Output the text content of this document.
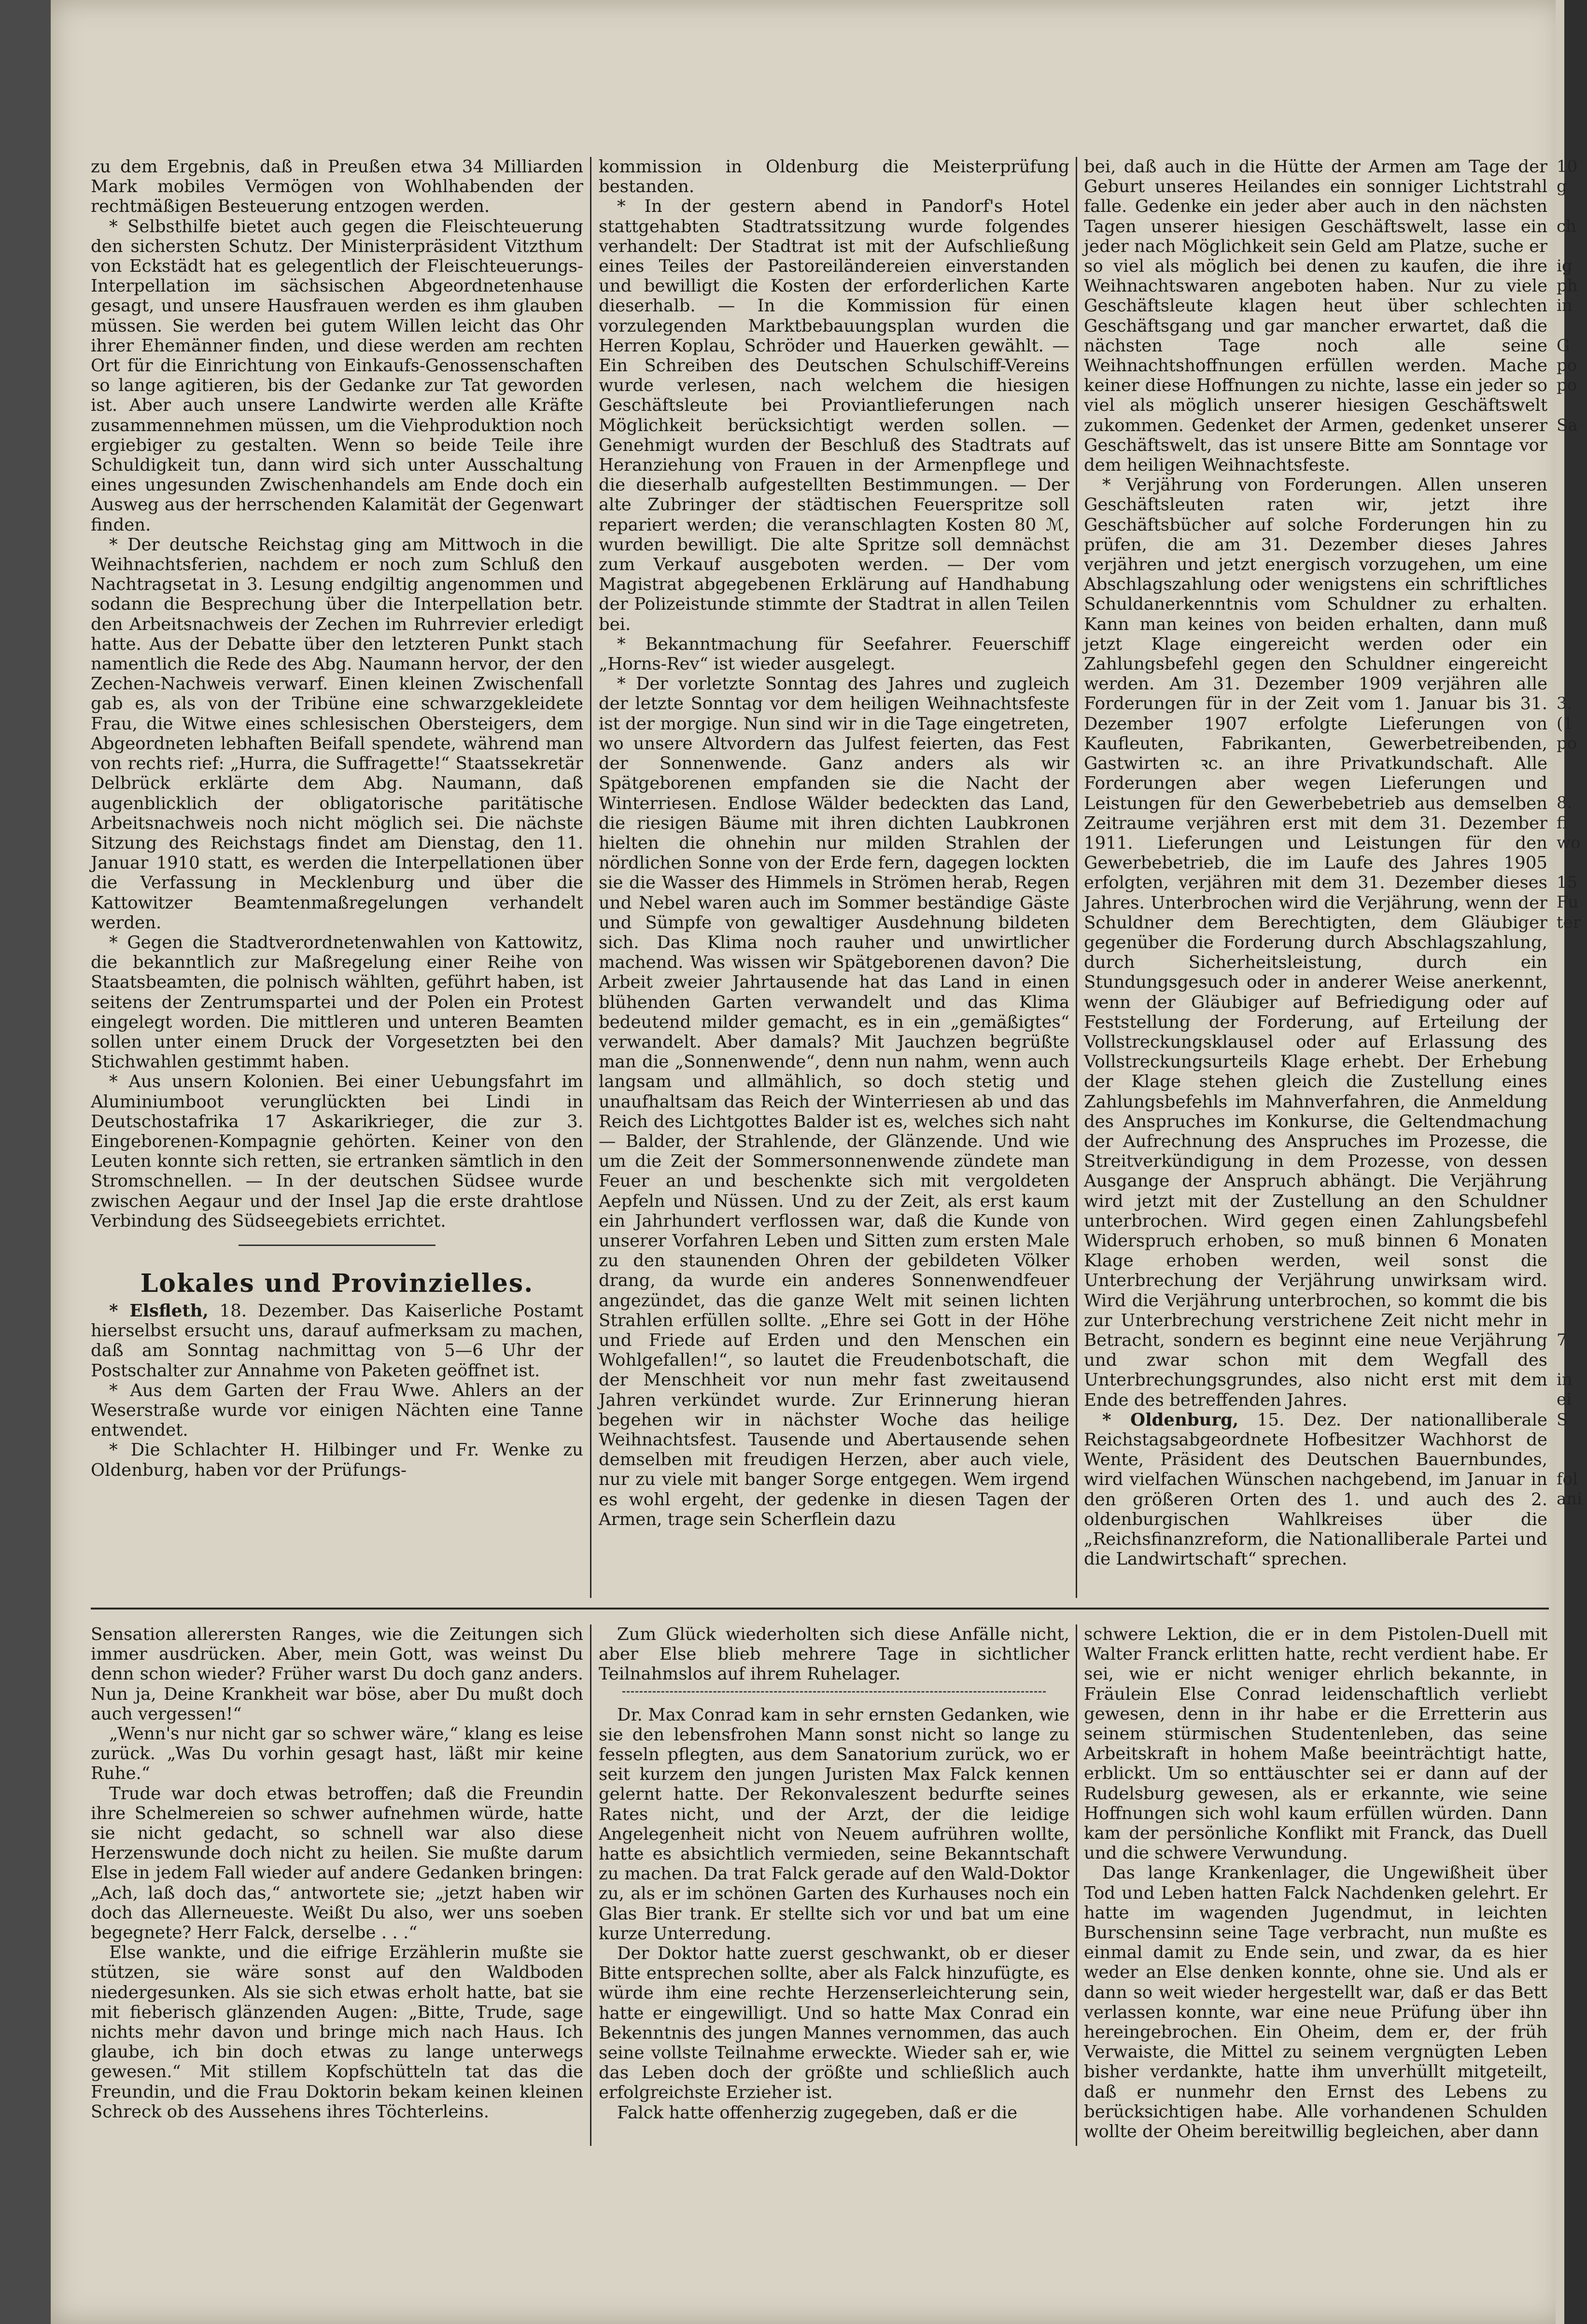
zu dem Ergebnis, daß in Preußen etwa 34 Milliarden Mark mobiles Vermögen von Wohlhabenden der rechtmäßigen Besteuerung entzogen werden.

* Selbsthilfe bietet auch gegen die Fleischteuerung den sichersten Schutz. Der Ministerpräsident Vitzthum von Eckstädt hat es gelegentlich der Fleischteuerungs-Interpellation im sächsischen Abgeordnetenhause gesagt, und unsere Hausfrauen werden es ihm glauben müssen. Sie werden bei gutem Willen leicht das Ohr ihrer Ehemänner finden, und diese werden am rechten Ort für die Einrichtung von Einkaufs-Genossenschaften so lange agitieren, bis der Gedanke zur Tat geworden ist. Aber auch unsere Landwirte werden alle Kräfte zusammennehmen müssen, um die Viehproduktion noch ergiebiger zu gestalten. Wenn so beide Teile ihre Schuldigkeit tun, dann wird sich unter Ausschaltung eines ungesunden Zwischenhandels am Ende doch ein Ausweg aus der herrschenden Kalamität der Gegenwart finden.

* Der deutsche Reichstag ging am Mittwoch in die Weihnachtsferien, nachdem er noch zum Schluß den Nachtragsetat in 3. Lesung endgiltig angenommen und sodann die Besprechung über die Interpellation betr. den Arbeitsnachweis der Zechen im Ruhrrevier erledigt hatte. Aus der Debatte über den letzteren Punkt stach namentlich die Rede des Abg. Naumann hervor, der den Zechen-Nachweis verwarf. Einen kleinen Zwischenfall gab es, als von der Tribüne eine schwarzgekleidete Frau, die Witwe eines schlesischen Obersteigers, dem Abgeordneten lebhaften Beifall spendete, während man von rechts rief: „Hurra, die Suffragette!“ Staatssekretär Delbrück erklärte dem Abg. Naumann, daß augenblicklich der obligatorische paritätische Arbeitsnachweis noch nicht möglich sei. Die nächste Sitzung des Reichstags findet am Dienstag, den 11. Januar 1910 statt, es werden die Interpellationen über die Verfassung in Mecklenburg und über die Kattowitzer Beamtenmaßregelungen verhandelt werden.

* Gegen die Stadtverordnetenwahlen von Kattowitz, die bekanntlich zur Maßregelung einer Reihe von Staatsbeamten, die polnisch wählten, geführt haben, ist seitens der Zentrumspartei und der Polen ein Protest eingelegt worden. Die mittleren und unteren Beamten sollen unter einem Druck der Vorgesetzten bei den Stichwahlen gestimmt haben.

* Aus unsern Kolonien. Bei einer Uebungsfahrt im Aluminiumboot verunglückten bei Lindi in Deutschostafrika 17 Askarikrieger, die zur 3. Eingeborenen-Kompagnie gehörten. Keiner von den Leuten konnte sich retten, sie ertranken sämtlich in den Stromschnellen. — In der deutschen Südsee wurde zwischen Aegaur und der Insel Jap die erste drahtlose Verbindung des Südseegebiets errichtet.

Lokales und Provinzielles.

* Elsfleth, 18. Dezember. Das Kaiserliche Postamt hierselbst ersucht uns, darauf aufmerksam zu machen, daß am Sonntag nachmittag von 5—6 Uhr der Postschalter zur Annahme von Paketen geöffnet ist.

* Aus dem Garten der Frau Wwe. Ahlers an der Weserstraße wurde vor einigen Nächten eine Tanne entwendet.

* Die Schlachter H. Hilbinger und Fr. Wenke zu Oldenburg, haben vor der Prüfungs-

kommission in Oldenburg die Meisterprüfung bestanden.

* In der gestern abend in Pandorf's Hotel stattgehabten Stadtratssitzung wurde folgendes verhandelt: Der Stadtrat ist mit der Aufschließung eines Teiles der Pastoreiländereien einverstanden und bewilligt die Kosten der erforderlichen Karte dieserhalb. — In die Kommission für einen vorzulegenden Marktbebauungsplan wurden die Herren Koplau, Schröder und Hauerken gewählt. — Ein Schreiben des Deutschen Schulschiff-Vereins wurde verlesen, nach welchem die hiesigen Geschäftsleute bei Proviantlieferungen nach Möglichkeit berücksichtigt werden sollen. — Genehmigt wurden der Beschluß des Stadtrats auf Heranziehung von Frauen in der Armenpflege und die dieserhalb aufgestellten Bestimmungen. — Der alte Zubringer der städtischen Feuerspritze soll repariert werden; die veranschlagten Kosten 80 ℳ, wurden bewilligt. Die alte Spritze soll demnächst zum Verkauf ausgeboten werden. — Der vom Magistrat abgegebenen Erklärung auf Handhabung der Polizeistunde stimmte der Stadtrat in allen Teilen bei.

* Bekanntmachung für Seefahrer. Feuerschiff „Horns-Rev“ ist wieder ausgelegt.

* Der vorletzte Sonntag des Jahres und zugleich der letzte Sonntag vor dem heiligen Weihnachtsfeste ist der morgige. Nun sind wir in die Tage eingetreten, wo unsere Altvordern das Julfest feierten, das Fest der Sonnenwende. Ganz anders als wir Spätgeborenen empfanden sie die Nacht der Winterriesen. Endlose Wälder bedeckten das Land, die riesigen Bäume mit ihren dichten Laubkronen hielten die ohnehin nur milden Strahlen der nördlichen Sonne von der Erde fern, dagegen lockten sie die Wasser des Himmels in Strömen herab, Regen und Nebel waren auch im Sommer beständige Gäste und Sümpfe von gewaltiger Ausdehnung bildeten sich. Das Klima noch rauher und unwirtlicher machend. Was wissen wir Spätgeborenen davon? Die Arbeit zweier Jahrtausende hat das Land in einen blühenden Garten verwandelt und das Klima bedeutend milder gemacht, es in ein „gemäßigtes“ verwandelt. Aber damals? Mit Jauchzen begrüßte man die „Sonnenwende“, denn nun nahm, wenn auch langsam und allmählich, so doch stetig und unaufhaltsam das Reich der Winterriesen ab und das Reich des Lichtgottes Balder ist es, welches sich naht — Balder, der Strahlende, der Glänzende. Und wie um die Zeit der Sommersonnenwende zündete man Feuer an und beschenkte sich mit vergoldeten Aepfeln und Nüssen. Und zu der Zeit, als erst kaum ein Jahrhundert verflossen war, daß die Kunde von unserer Vorfahren Leben und Sitten zum ersten Male zu den staunenden Ohren der gebildeten Völker drang, da wurde ein anderes Sonnenwendfeuer angezündet, das die ganze Welt mit seinen lichten Strahlen erfüllen sollte. „Ehre sei Gott in der Höhe und Friede auf Erden und den Menschen ein Wohlgefallen!“, so lautet die Freudenbotschaft, die der Menschheit vor nun mehr fast zweitausend Jahren verkündet wurde. Zur Erinnerung hieran begehen wir in nächster Woche das heilige Weihnachtsfest. Tausende und Abertausende sehen demselben mit freudigen Herzen, aber auch viele, nur zu viele mit banger Sorge entgegen. Wem irgend es wohl ergeht, der gedenke in diesen Tagen der Armen, trage sein Scherflein dazu

bei, daß auch in die Hütte der Armen am Tage der Geburt unseres Heilandes ein sonniger Lichtstrahl falle. Gedenke ein jeder aber auch in den nächsten Tagen unserer hiesigen Geschäftswelt, lasse ein jeder nach Möglichkeit sein Geld am Platze, suche er so viel als möglich bei denen zu kaufen, die ihre Weihnachtswaren angeboten haben. Nur zu viele Geschäftsleute klagen heut über schlechten Geschäftsgang und gar mancher erwartet, daß die nächsten Tage noch alle seine Weihnachtshoffnungen erfüllen werden. Mache keiner diese Hoffnungen zu nichte, lasse ein jeder so viel als möglich unserer hiesigen Geschäftswelt zukommen. Gedenket der Armen, gedenket unserer Geschäftswelt, das ist unsere Bitte am Sonntage vor dem heiligen Weihnachtsfeste.

* Verjährung von Forderungen. Allen unseren Geschäftsleuten raten wir, jetzt ihre Geschäftsbücher auf solche Forderungen hin zu prüfen, die am 31. Dezember dieses Jahres verjähren und jetzt energisch vorzugehen, um eine Abschlagszahlung oder wenigstens ein schriftliches Schuldanerkenntnis vom Schuldner zu erhalten. Kann man keines von beiden erhalten, dann muß jetzt Klage eingereicht werden oder ein Zahlungsbefehl gegen den Schuldner eingereicht werden. Am 31. Dezember 1909 verjähren alle Forderungen für in der Zeit vom 1. Januar bis 31. Dezember 1907 erfolgte Lieferungen von Kaufleuten, Fabrikanten, Gewerbetreibenden, Gastwirten ꝛc. an ihre Privatkundschaft. Alle Forderungen aber wegen Lieferungen und Leistungen für den Gewerbebetrieb aus demselben Zeitraume verjähren erst mit dem 31. Dezember 1911. Lieferungen und Leistungen für den Gewerbebetrieb, die im Laufe des Jahres 1905 erfolgten, verjähren mit dem 31. Dezember dieses Jahres. Unterbrochen wird die Verjährung, wenn der Schuldner dem Berechtigten, dem Gläubiger gegenüber die Forderung durch Abschlagszahlung, durch Sicherheitsleistung, durch ein Stundungsgesuch oder in anderer Weise anerkennt, wenn der Gläubiger auf Befriedigung oder auf Feststellung der Forderung, auf Erteilung der Vollstreckungsklausel oder auf Erlassung des Vollstreckungsurteils Klage erhebt. Der Erhebung der Klage stehen gleich die Zustellung eines Zahlungsbefehls im Mahnverfahren, die Anmeldung des Anspruches im Konkurse, die Geltendmachung der Aufrechnung des Anspruches im Prozesse, die Streitverkündigung in dem Prozesse, von dessen Ausgange der Anspruch abhängt. Die Verjährung wird jetzt mit der Zustellung an den Schuldner unterbrochen. Wird gegen einen Zahlungsbefehl Widerspruch erhoben, so muß binnen 6 Monaten Klage erhoben werden, weil sonst die Unterbrechung der Verjährung unwirksam wird. Wird die Verjährung unterbrochen, so kommt die bis zur Unterbrechung verstrichene Zeit nicht mehr in Betracht, sondern es beginnt eine neue Verjährung und zwar schon mit dem Wegfall des Unterbrechungsgrundes, also nicht erst mit dem Ende des betreffenden Jahres.

* Oldenburg, 15. Dez. Der nationalliberale Reichstagsabgeordnete Hofbesitzer Wachhorst de Wente, Präsident des Deutschen Bauernbundes, wird vielfachen Wünschen nachgebend, im Januar in den größeren Orten des 1. und auch des 2. oldenburgischen Wahlkreises über die „Reichsfinanzreform, die Nationalliberale Partei und die Landwirtschaft“ sprechen.

Sensation allerersten Ranges, wie die Zeitungen sich immer ausdrücken. Aber, mein Gott, was weinst Du denn schon wieder? Früher warst Du doch ganz anders. Nun ja, Deine Krankheit war böse, aber Du mußt doch auch vergessen!“

„Wenn's nur nicht gar so schwer wäre,“ klang es leise zurück. „Was Du vorhin gesagt hast, läßt mir keine Ruhe.“

Trude war doch etwas betroffen; daß die Freundin ihre Schelmereien so schwer aufnehmen würde, hatte sie nicht gedacht, so schnell war also diese Herzenswunde doch nicht zu heilen. Sie mußte darum Else in jedem Fall wieder auf andere Gedanken bringen: „Ach, laß doch das,“ antwortete sie; „jetzt haben wir doch das Allerneueste. Weißt Du also, wer uns soeben begegnete? Herr Falck, derselbe . . .“

Else wankte, und die eifrige Erzählerin mußte sie stützen, sie wäre sonst auf den Waldboden niedergesunken. Als sie sich etwas erholt hatte, bat sie mit fieberisch glänzenden Augen: „Bitte, Trude, sage nichts mehr davon und bringe mich nach Haus. Ich glaube, ich bin doch etwas zu lange unterwegs gewesen.“ Mit stillem Kopfschütteln tat das die Freundin, und die Frau Doktorin bekam keinen kleinen Schreck ob des Aussehens ihres Töchterleins.

Zum Glück wiederholten sich diese Anfälle nicht, aber Else blieb mehrere Tage in sichtlicher Teilnahmslos auf ihrem Ruhelager.

Dr. Max Conrad kam in sehr ernsten Gedanken, wie sie den lebensfrohen Mann sonst nicht so lange zu fesseln pflegten, aus dem Sanatorium zurück, wo er seit kurzem den jungen Juristen Max Falck kennen gelernt hatte. Der Rekonvaleszent bedurfte seines Rates nicht, und der Arzt, der die leidige Angelegenheit nicht von Neuem aufrühren wollte, hatte es absichtlich vermieden, seine Bekanntschaft zu machen. Da trat Falck gerade auf den Wald-Doktor zu, als er im schönen Garten des Kurhauses noch ein Glas Bier trank. Er stellte sich vor und bat um eine kurze Unterredung.

Der Doktor hatte zuerst geschwankt, ob er dieser Bitte entsprechen sollte, aber als Falck hinzufügte, es würde ihm eine rechte Herzenserleichterung sein, hatte er eingewilligt. Und so hatte Max Conrad ein Bekenntnis des jungen Mannes vernommen, das auch seine vollste Teilnahme erweckte. Wieder sah er, wie das Leben doch der größte und schließlich auch erfolgreichste Erzieher ist.

Falck hatte offenherzig zugegeben, daß er die

schwere Lektion, die er in dem Pistolen-Duell mit Walter Franck erlitten hatte, recht verdient habe. Er sei, wie er nicht weniger ehrlich bekannte, in Fräulein Else Conrad leidenschaftlich verliebt gewesen, denn in ihr habe er die Erretterin aus seinem stürmischen Studentenleben, das seine Arbeitskraft in hohem Maße beeinträchtigt hatte, erblickt. Um so enttäuschter sei er dann auf der Rudelsburg gewesen, als er erkannte, wie seine Hoffnungen sich wohl kaum erfüllen würden. Dann kam der persönliche Konflikt mit Franck, das Duell und die schwere Verwundung.

Das lange Krankenlager, die Ungewißheit über Tod und Leben hatten Falck Nachdenken gelehrt. Er hatte im wagenden Jugendmut, in leichten Burschensinn seine Tage verbracht, nun mußte es einmal damit zu Ende sein, und zwar, da es hier weder an Else denken konnte, ohne sie. Und als er dann so weit wieder hergestellt war, daß er das Bett verlassen konnte, war eine neue Prüfung über ihn hereingebrochen. Ein Oheim, dem er, der früh Verwaiste, die Mittel zu seinem vergnügten Leben bisher verdankte, hatte ihm unverhüllt mitgeteilt, daß er nunmehr den Ernst des Lebens zu berücksichtigen habe. Alle vorhandenen Schulden wollte der Oheim bereitwillig begleichen, aber dann

10
g
ch
ig
ph
in
G
po
po
Sa
3.
(1
po
8.
fi
wo
15
Fu
ter
7
in
ei
S
fol
ani
